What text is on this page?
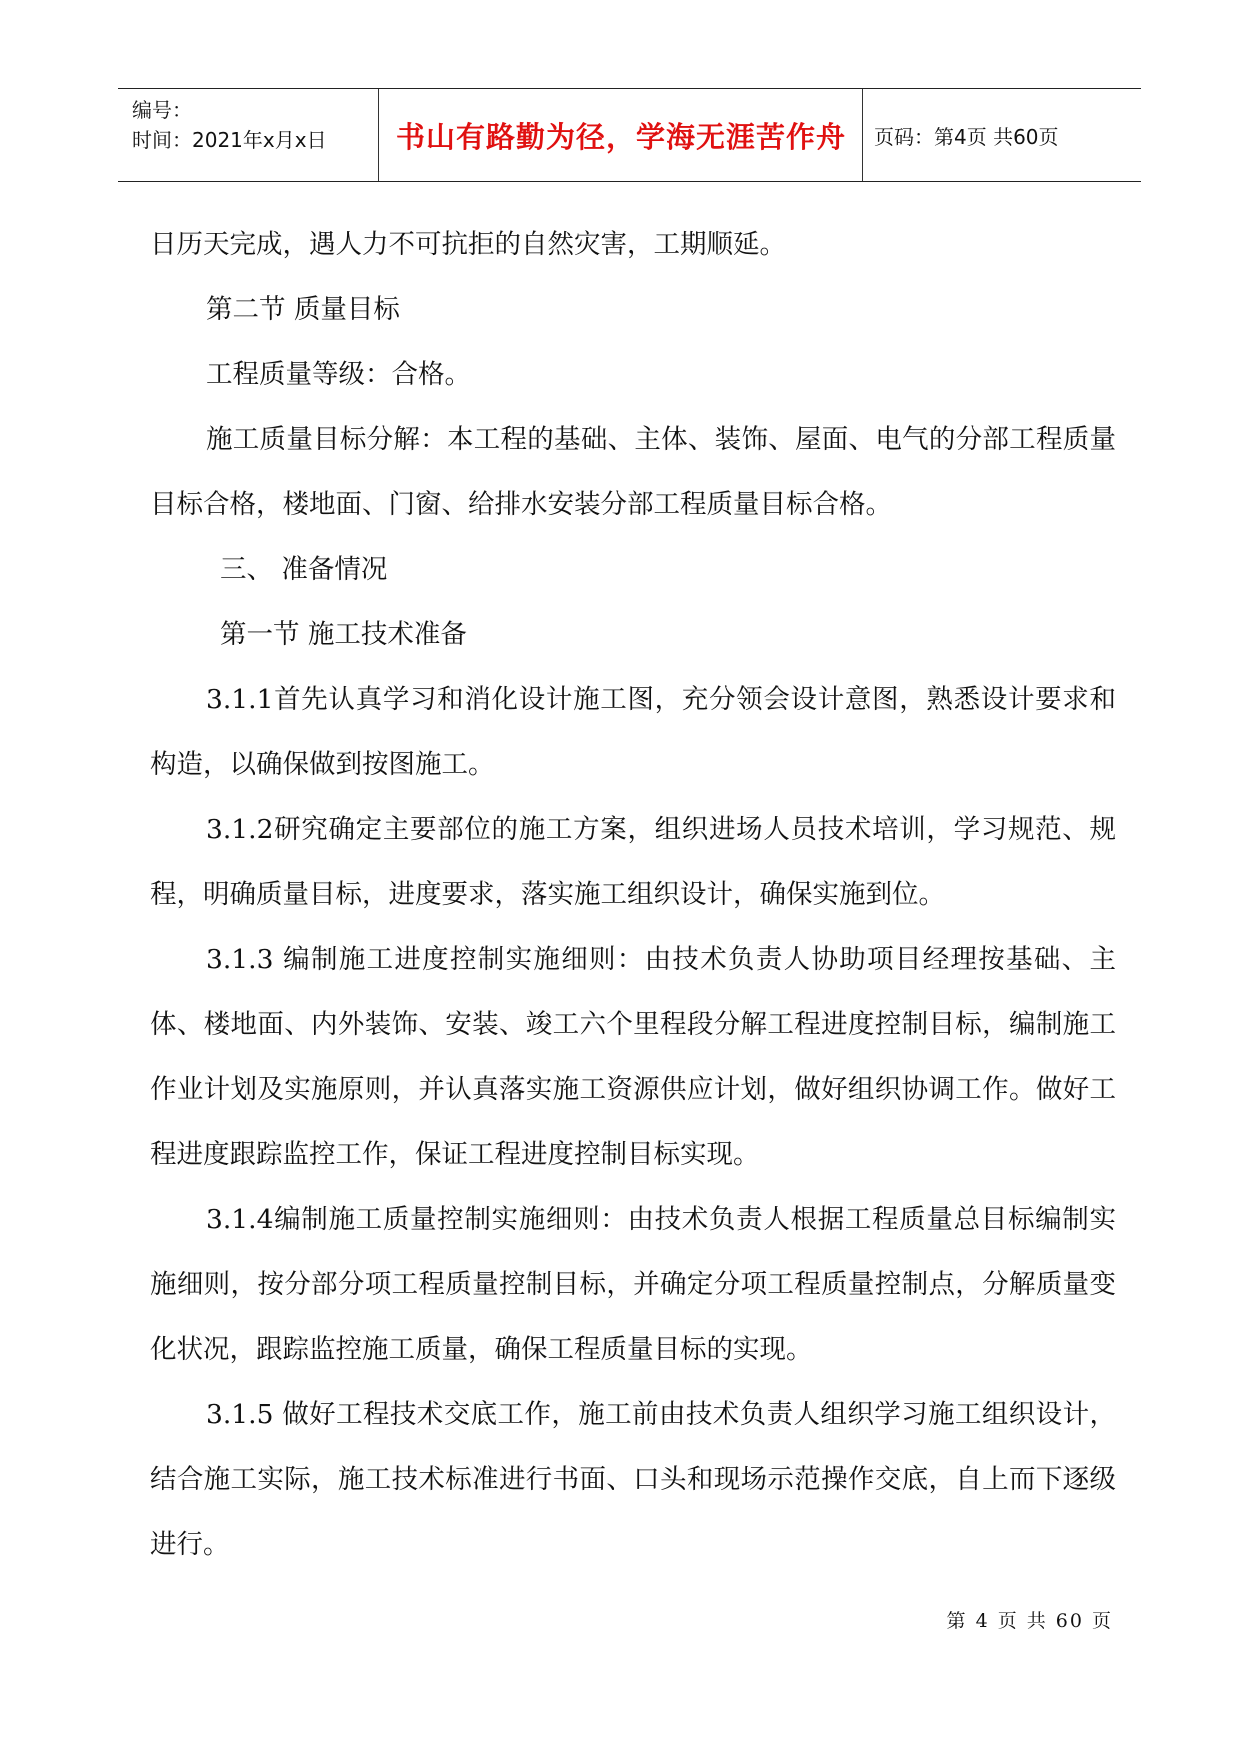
编号：
时间：2021年x月x日	书山有路勤为径，学海无涯苦作舟	页码：第4页 共60页

日历天完成，遇人力不可抗拒的自然灾害，工期顺延。

第二节 质量目标

工程质量等级：合格。

施工质量目标分解：本工程的基础、主体、装饰、屋面、电气的分部工程质量目标合格，楼地面、门窗、给排水安装分部工程质量目标合格。

三、 准备情况

第一节 施工技术准备

3.1.1首先认真学习和消化设计施工图，充分领会设计意图，熟悉设计要求和构造，以确保做到按图施工。

3.1.2研究确定主要部位的施工方案，组织进场人员技术培训，学习规范、规程，明确质量目标，进度要求，落实施工组织设计，确保实施到位。

3.1.3 编制施工进度控制实施细则：由技术负责人协助项目经理按基础、主体、楼地面、内外装饰、安装、竣工六个里程段分解工程进度控制目标，编制施工作业计划及实施原则，并认真落实施工资源供应计划，做好组织协调工作。做好工程进度跟踪监控工作，保证工程进度控制目标实现。

3.1.4编制施工质量控制实施细则：由技术负责人根据工程质量总目标编制实施细则，按分部分项工程质量控制目标，并确定分项工程质量控制点，分解质量变化状况，跟踪监控施工质量，确保工程质量目标的实现。

3.1.5 做好工程技术交底工作，施工前由技术负责人组织学习施工组织设计，结合施工实际，施工技术标准进行书面、口头和现场示范操作交底，自上而下逐级进行。

第 4 页 共 60 页
